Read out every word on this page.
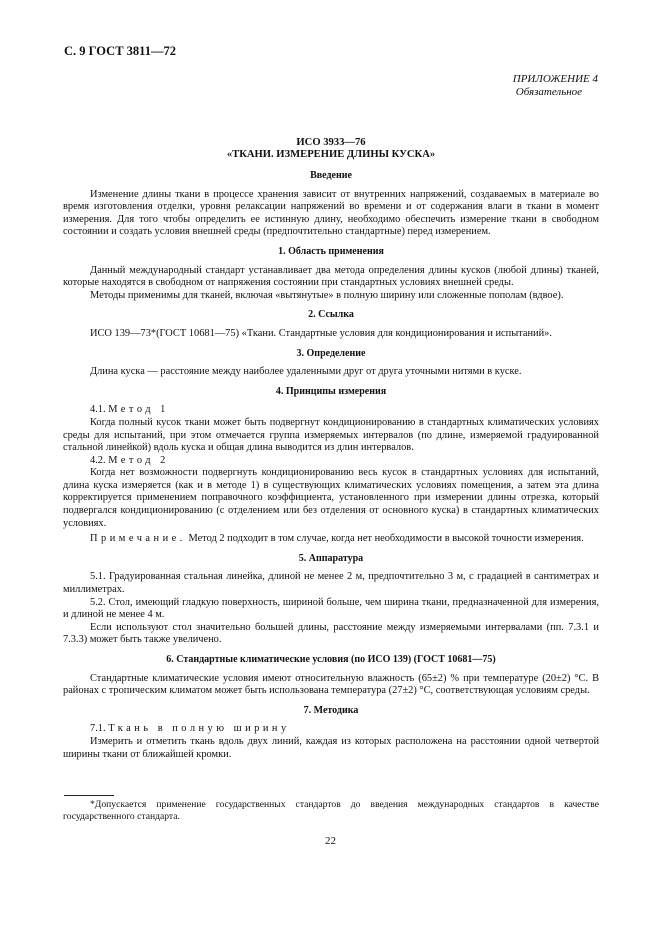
С. 9 ГОСТ 3811—72
ПРИЛОЖЕНИЕ 4
Обязательное
ИСО 3933—76
«ТКАНИ. ИЗМЕРЕНИЕ ДЛИНЫ КУСКА»
Введение

Изменение длины ткани в процессе хранения зависит от внутренних напряжений, создаваемых в материале во время изготовления отделки, уровня релаксации напряжений во времени и от содержания влаги в ткани в момент измерения. Для того чтобы определить ее истинную длину, необходимо обеспечить измерение ткани в свободном состоянии и создать условия внешней среды (предпочтительно стандартные) перед измерением.

1. Область применения

Данный международный стандарт устанавливает два метода определения длины кусков (любой длины) тканей, которые находятся в свободном от напряжения состоянии при стандартных условиях внешней среды.

Методы применимы для тканей, включая «вытянутые» в полную ширину или сложенные пополам (вдвое).

2. Ссылка

ИСО 139—73*(ГОСТ 10681—75) «Ткани. Стандартные условия для кондиционирования и испытаний».

3. Определение

Длина куска — расстояние между наиболее удаленными друг от друга уточными нитями в куске.

4. Принципы измерения

4.1. Метод 1

Когда полный кусок ткани может быть подвергнут кондиционированию в стандартных климатических условиях среды для испытаний, при этом отмечается группа измеряемых интервалов (по длине, измеряемой градуированной стальной линейкой) вдоль куска и общая длина выводится из длин интервалов.

4.2. Метод 2

Когда нет возможности подвергнуть кондиционированию весь кусок в стандартных условиях для испытаний, длина куска измеряется (как и в методе 1) в существующих климатических условиях помещения, а затем эта длина корректируется применением поправочного коэффициента, установленного при измерении длины отрезка, который подвергался кондиционированию (с отделением или без отделения от основного куска) в стандартных климатических условиях.

Примечание. Метод 2 подходит в том случае, когда нет необходимости в высокой точности измерения.

5. Аппаратура

5.1. Градуированная стальная линейка, длиной не менее 2 м, предпочтительно 3 м, с градацией в сантиметрах и миллиметрах.

5.2. Стол, имеющий гладкую поверхность, шириной больше, чем ширина ткани, предназначенной для измерения, и длиной не менее 4 м.

Если используют стол значительно большей длины, расстояние между измеряемыми интервалами (пп. 7.3.1 и 7.3.3) может быть также увеличено.

6. Стандартные климатические условия (по ИСО 139) (ГОСТ 10681—75)

Стандартные климатические условия имеют относительную влажность (65±2) % при температуре (20±2) °С. В районах с тропическим климатом может быть использована температура (27±2) °С, соответствующая условиям среды.

7. Методика

7.1. Ткань в полную ширину

Измерить и отметить ткань вдоль двух линий, каждая из которых расположена на расстоянии одной четвертой ширины ткани от ближайшей кромки.

*Допускается применение государственных стандартов до введения международных стандартов в качестве государственного стандарта.
22
